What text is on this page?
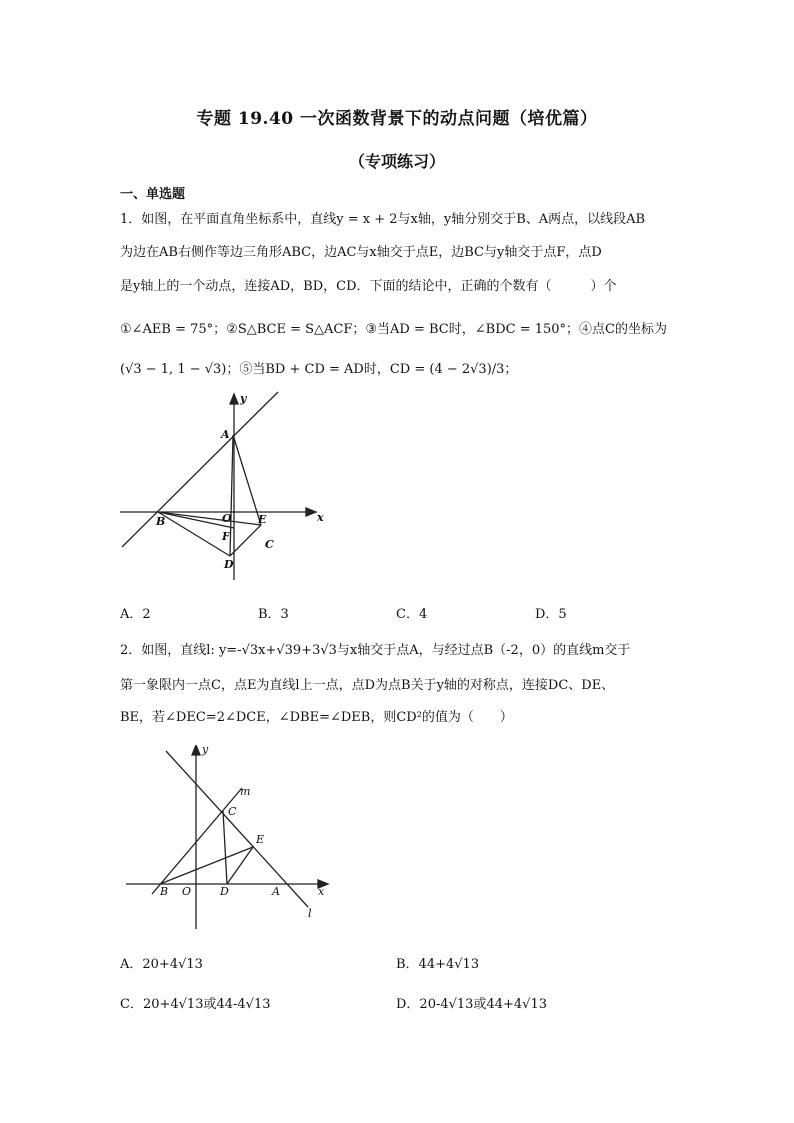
专题 19.40 一次函数背景下的动点问题（培优篇）
（专项练习）
一、单选题
1．如图，在平面直角坐标系中，直线y = x + 2与x轴，y轴分别交于B、A两点，以线段AB
为边在AB右侧作等边三角形ABC，边AC与x轴交于点E，边BC与y轴交于点F，点D
是y轴上的一个动点，连接AD，BD，CD．下面的结论中，正确的个数有（　　　）个
①∠AEB = 75°；②S△BCE = S△ACF；③当AD = BC时，∠BDC = 150°；④点C的坐标为
(√3 − 1, 1 − √3)；⑤当BD + CD = AD时，CD = (4 − 2√3)/3；
y
x
A
B	O E
F
C
D
A．2	B．3	C．4	D．5
2．如图，直线l: y=-√3x+√39+3√3与x轴交于点A，与经过点B（-2，0）的直线m交于
第一象限内一点C，点E为直线l上一点，点D为点B关于y轴的对称点，连接DC、DE、
BE，若∠DEC=2∠DCE，∠DBE=∠DEB，则CD²的值为（　　）
y
x
m
C
E
B O	D	A
l
A．20+4√13	B．44+4√13
C．20+4√13或44-4√13	D．20-4√13或44+4√13
